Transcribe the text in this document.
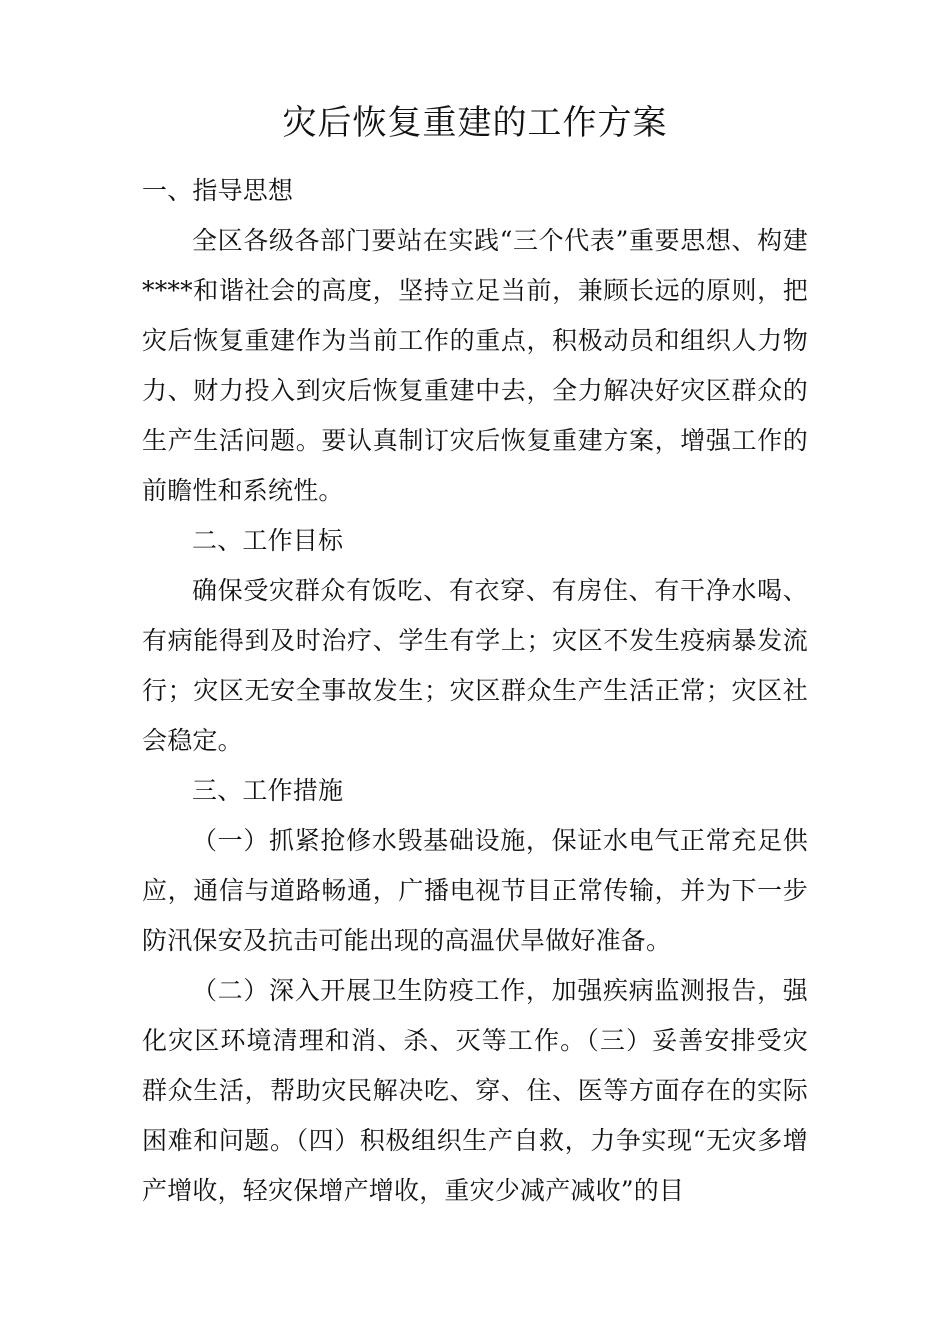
灾后恢复重建的工作方案

一、指导思想

全区各级各部门要站在实践“三个代表”重要思想、构建****和谐社会的高度，坚持立足当前，兼顾长远的原则，把灾后恢复重建作为当前工作的重点，积极动员和组织人力物力、财力投入到灾后恢复重建中去，全力解决好灾区群众的生产生活问题。要认真制订灾后恢复重建方案，增强工作的前瞻性和系统性。

二、工作目标

确保受灾群众有饭吃、有衣穿、有房住、有干净水喝、有病能得到及时治疗、学生有学上；灾区不发生疫病暴发流行；灾区无安全事故发生；灾区群众生产生活正常；灾区社会稳定。

三、工作措施

（一）抓紧抢修水毁基础设施，保证水电气正常充足供应，通信与道路畅通，广播电视节目正常传输，并为下一步防汛保安及抗击可能出现的高温伏旱做好准备。

（二）深入开展卫生防疫工作，加强疾病监测报告，强化灾区环境清理和消、杀、灭等工作。（三）妥善安排受灾群众生活，帮助灾民解决吃、穿、住、医等方面存在的实际困难和问题。（四）积极组织生产自救，力争实现“无灾多增产增收，轻灾保增产增收，重灾少减产减收”的目
